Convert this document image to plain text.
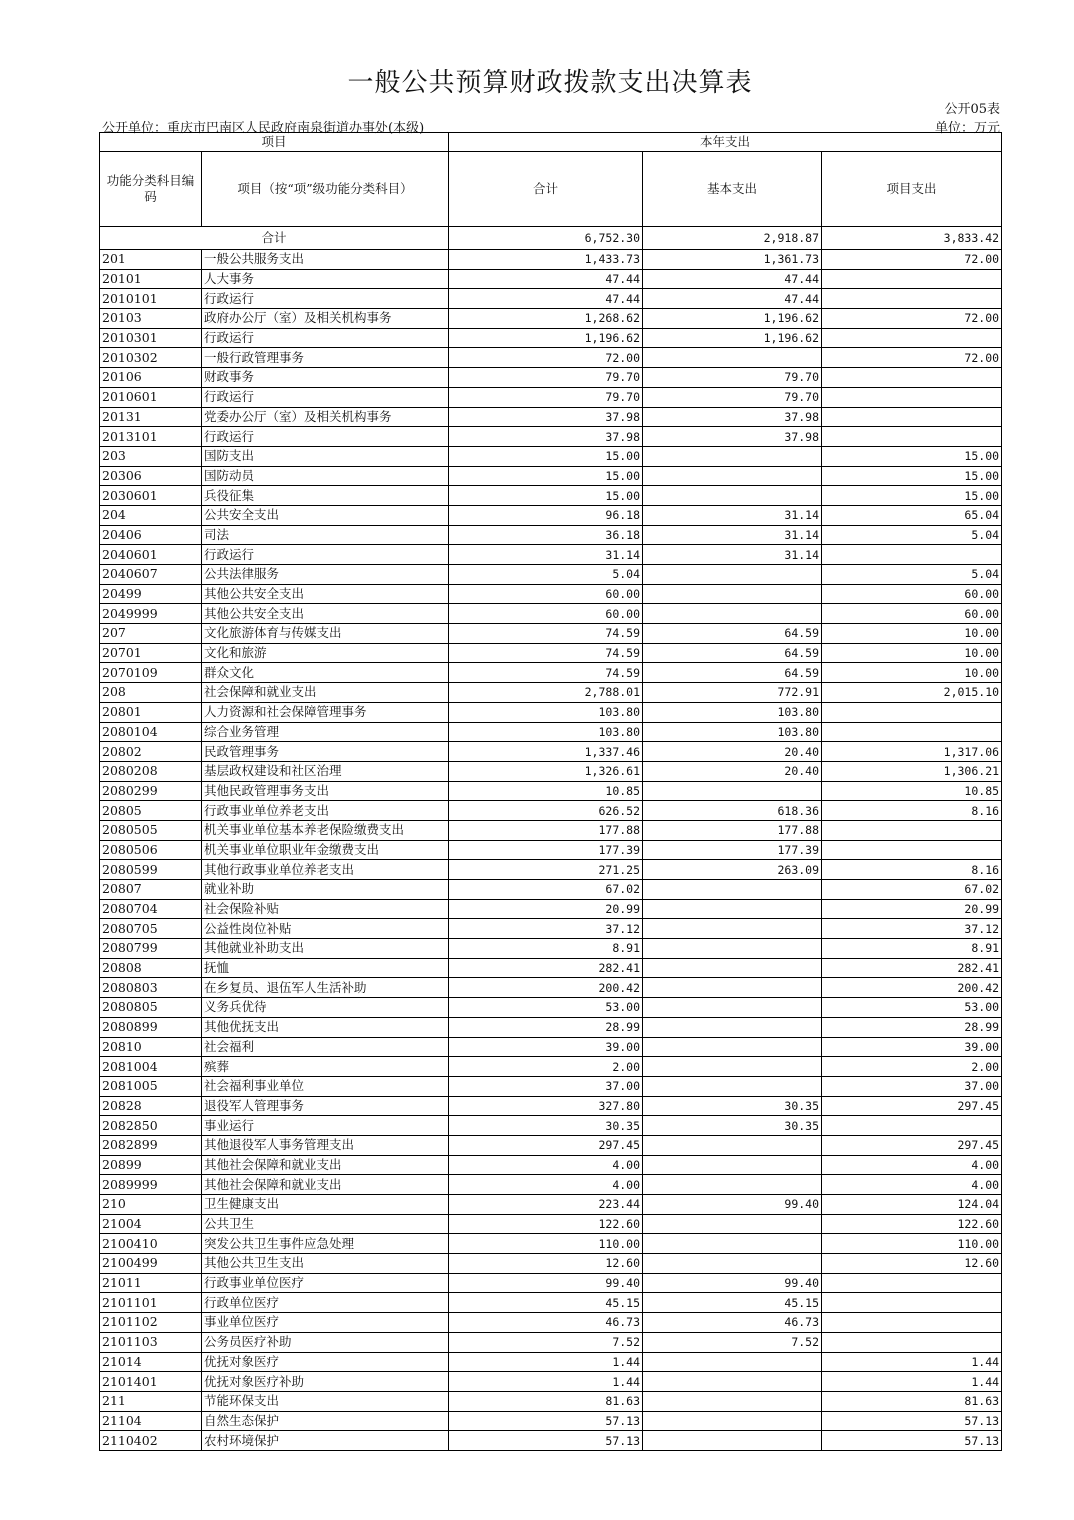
一般公共预算财政拨款支出决算表
公开05表
公开单位：重庆市巴南区人民政府南泉街道办事处(本级)	单位：万元
项目		本年支出		
功能分类科目编码	项目（按“项”级功能分类科目）	合计	基本支出	项目支出
合计		6,752.30	2,918.87	3,833.42
201	一般公共服务支出	1,433.73	1,361.73	72.00
20101	人大事务	47.44	47.44	
2010101	行政运行	47.44	47.44	
20103	政府办公厅（室）及相关机构事务	1,268.62	1,196.62	72.00
2010301	行政运行	1,196.62	1,196.62	
2010302	一般行政管理事务	72.00		72.00
20106	财政事务	79.70	79.70	
2010601	行政运行	79.70	79.70	
20131	党委办公厅（室）及相关机构事务	37.98	37.98	
2013101	行政运行	37.98	37.98	
203	国防支出	15.00		15.00
20306	国防动员	15.00		15.00
2030601	兵役征集	15.00		15.00
204	公共安全支出	96.18	31.14	65.04
20406	司法	36.18	31.14	5.04
2040601	行政运行	31.14	31.14	
2040607	公共法律服务	5.04		5.04
20499	其他公共安全支出	60.00		60.00
2049999	其他公共安全支出	60.00		60.00
207	文化旅游体育与传媒支出	74.59	64.59	10.00
20701	文化和旅游	74.59	64.59	10.00
2070109	群众文化	74.59	64.59	10.00
208	社会保障和就业支出	2,788.01	772.91	2,015.10
20801	人力资源和社会保障管理事务	103.80	103.80	
2080104	综合业务管理	103.80	103.80	
20802	民政管理事务	1,337.46	20.40	1,317.06
2080208	基层政权建设和社区治理	1,326.61	20.40	1,306.21
2080299	其他民政管理事务支出	10.85		10.85
20805	行政事业单位养老支出	626.52	618.36	8.16
2080505	机关事业单位基本养老保险缴费支出	177.88	177.88	
2080506	机关事业单位职业年金缴费支出	177.39	177.39	
2080599	其他行政事业单位养老支出	271.25	263.09	8.16
20807	就业补助	67.02		67.02
2080704	社会保险补贴	20.99		20.99
2080705	公益性岗位补贴	37.12		37.12
2080799	其他就业补助支出	8.91		8.91
20808	抚恤	282.41		282.41
2080803	在乡复员、退伍军人生活补助	200.42		200.42
2080805	义务兵优待	53.00		53.00
2080899	其他优抚支出	28.99		28.99
20810	社会福利	39.00		39.00
2081004	殡葬	2.00		2.00
2081005	社会福利事业单位	37.00		37.00
20828	退役军人管理事务	327.80	30.35	297.45
2082850	事业运行	30.35	30.35	
2082899	其他退役军人事务管理支出	297.45		297.45
20899	其他社会保障和就业支出	4.00		4.00
2089999	其他社会保障和就业支出	4.00		4.00
210	卫生健康支出	223.44	99.40	124.04
21004	公共卫生	122.60		122.60
2100410	突发公共卫生事件应急处理	110.00		110.00
2100499	其他公共卫生支出	12.60		12.60
21011	行政事业单位医疗	99.40	99.40	
2101101	行政单位医疗	45.15	45.15	
2101102	事业单位医疗	46.73	46.73	
2101103	公务员医疗补助	7.52	7.52	
21014	优抚对象医疗	1.44		1.44
2101401	优抚对象医疗补助	1.44		1.44
211	节能环保支出	81.63		81.63
21104	自然生态保护	57.13		57.13
2110402	农村环境保护	57.13		57.13
